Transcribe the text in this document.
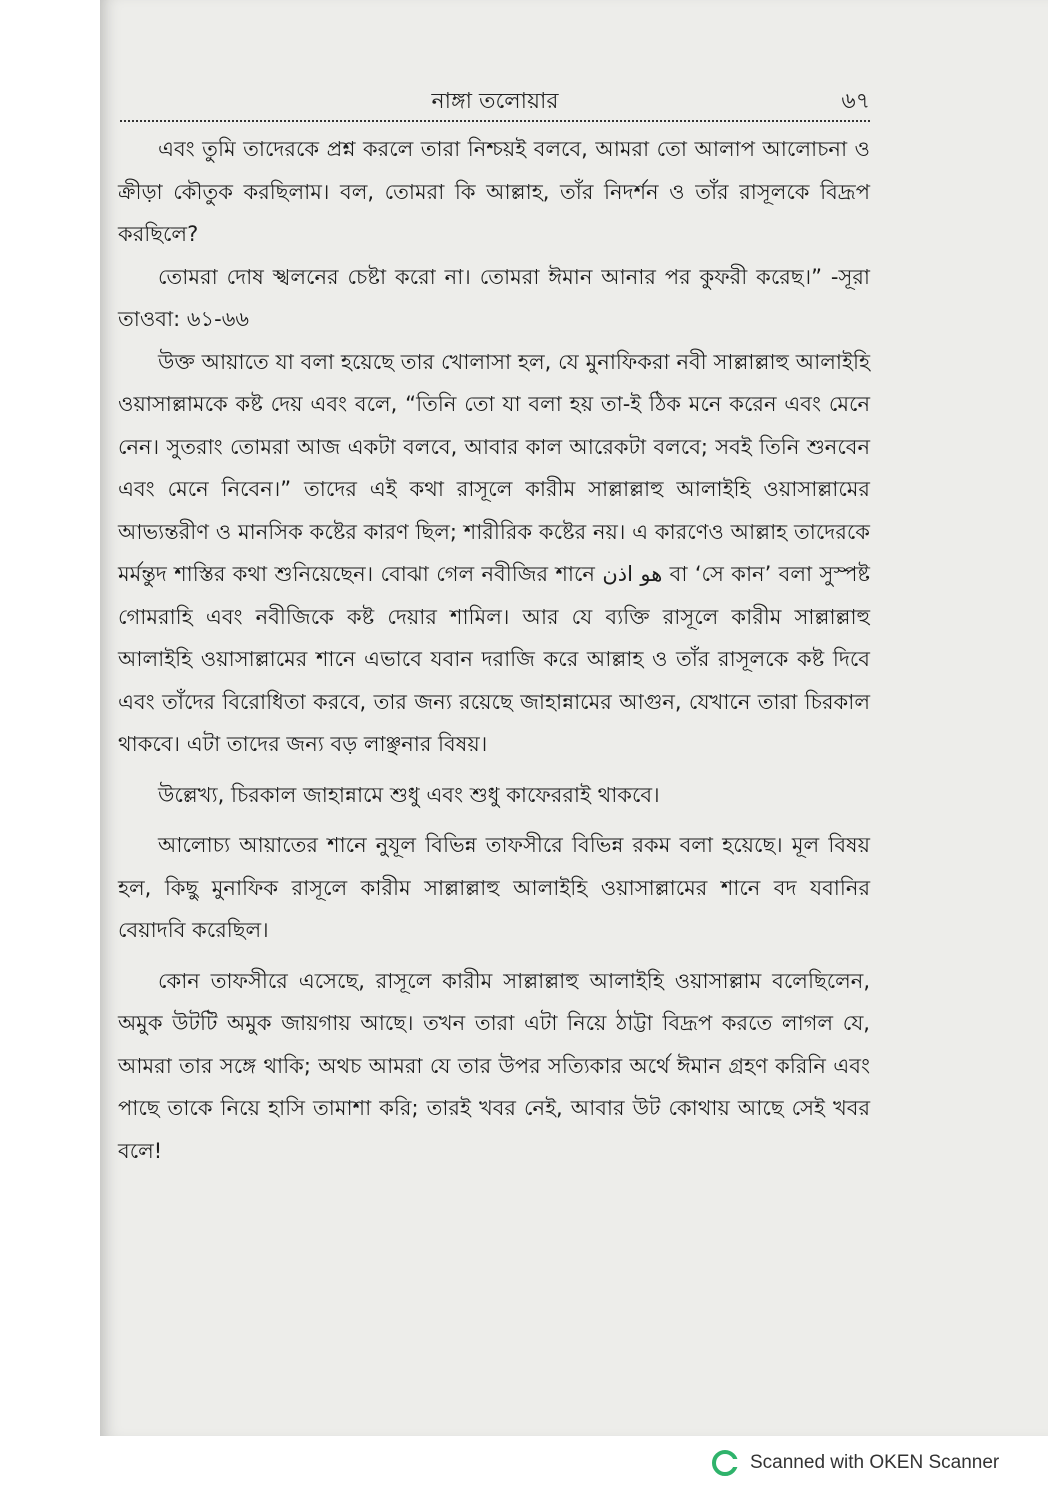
নাঙ্গা তলোয়ার	৬৭

এবং তুমি তাদেরকে প্রশ্ন করলে তারা নিশ্চয়ই বলবে, আমরা তো আলাপ আলোচনা ও ক্রীড়া কৌতুক করছিলাম। বল, তোমরা কি আল্লাহ, তাঁর নিদর্শন ও তাঁর রাসূলকে বিদ্রূপ করছিলে?

তোমরা দোষ স্খলনের চেষ্টা করো না। তোমরা ঈমান আনার পর কুফরী করেছ।” -সূরা তাওবা: ৬১-৬৬

উক্ত আয়াতে যা বলা হয়েছে তার খোলাসা হল, যে মুনাফিকরা নবী সাল্লাল্লাহু আলাইহি ওয়াসাল্লামকে কষ্ট দেয় এবং বলে, “তিনি তো যা বলা হয় তা-ই ঠিক মনে করেন এবং মেনে নেন। সুতরাং তোমরা আজ একটা বলবে, আবার কাল আরেকটা বলবে; সবই তিনি শুনবেন এবং মেনে নিবেন।” তাদের এই কথা রাসূলে কারীম সাল্লাল্লাহু আলাইহি ওয়াসাল্লামের আভ্যন্তরীণ ও মানসিক কষ্টের কারণ ছিল; শারীরিক কষ্টের নয়। এ কারণেও আল্লাহ তাদেরকে মর্মন্তুদ শাস্তির কথা শুনিয়েছেন। বোঝা গেল নবীজির শানে هو اذن বা ‘সে কান’ বলা সুস্পষ্ট গোমরাহি এবং নবীজিকে কষ্ট দেয়ার শামিল। আর যে ব্যক্তি রাসূলে কারীম সাল্লাল্লাহু আলাইহি ওয়াসাল্লামের শানে এভাবে যবান দরাজি করে আল্লাহ ও তাঁর রাসূলকে কষ্ট দিবে এবং তাঁদের বিরোধিতা করবে, তার জন্য রয়েছে জাহান্নামের আগুন, যেখানে তারা চিরকাল থাকবে। এটা তাদের জন্য বড় লাঞ্ছনার বিষয়।

উল্লেখ্য, চিরকাল জাহান্নামে শুধু এবং শুধু কাফেররাই থাকবে।

আলোচ্য আয়াতের শানে নুযূল বিভিন্ন তাফসীরে বিভিন্ন রকম বলা হয়েছে। মূল বিষয় হল, কিছু মুনাফিক রাসূলে কারীম সাল্লাল্লাহু আলাইহি ওয়াসাল্লামের শানে বদ যবানির বেয়াদবি করেছিল।

কোন তাফসীরে এসেছে, রাসূলে কারীম সাল্লাল্লাহু আলাইহি ওয়াসাল্লাম বলেছিলেন, অমুক উটটি অমুক জায়গায় আছে। তখন তারা এটা নিয়ে ঠাট্টা বিদ্রূপ করতে লাগল যে, আমরা তার সঙ্গে থাকি; অথচ আমরা যে তার উপর সত্যিকার অর্থে ঈমান গ্রহণ করিনি এবং পাছে তাকে নিয়ে হাসি তামাশা করি; তারই খবর নেই, আবার উট কোথায় আছে সেই খবর বলে!

Scanned with OKEN Scanner
